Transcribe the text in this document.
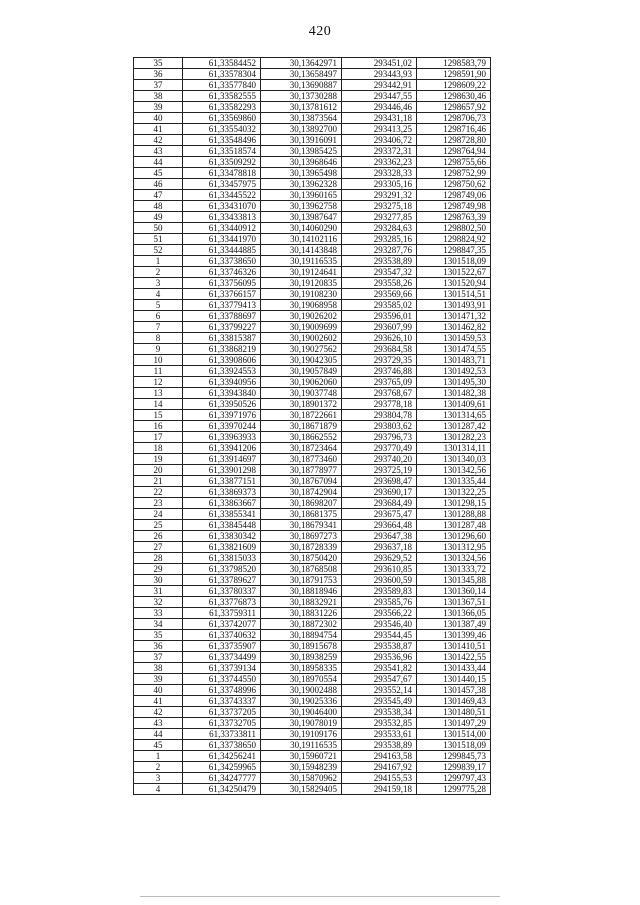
420
35	61,33584452	30,13642971	293451,02	1298583,79
36	61,33578304	30,13658497	293443,93	1298591,90
37	61,33577840	30,13690887	293442,91	1298609,22
38	61,33582555	30,13730288	293447,55	1298630,46
39	61,33582293	30,13781612	293446,46	1298657,92
40	61,33569860	30,13873564	293431,18	1298706,73
41	61,33554032	30,13892700	293413,25	1298716,46
42	61,33548496	30,13916091	293406,72	1298728,80
43	61,33518574	30,13985425	293372,31	1298764,94
44	61,33509292	30,13968646	293362,23	1298755,66
45	61,33478818	30,13965498	293328,33	1298752,99
46	61,33457975	30,13962328	293305,16	1298750,62
47	61,33445522	30,13960165	293291,32	1298749,06
48	61,33431070	30,13962758	293275,18	1298749,98
49	61,33433813	30,13987647	293277,85	1298763,39
50	61,33440912	30,14060290	293284,63	1298802,50
51	61,33441970	30,14102116	293285,16	1298824,92
52	61,33444885	30,14143848	293287,76	1298847,35
1	61,33738650	30,19116535	293538,89	1301518,09
2	61,33746326	30,19124641	293547,32	1301522,67
3	61,33756095	30,19120835	293558,26	1301520,94
4	61,33766157	30,19108230	293569,66	1301514,51
5	61,33779413	30,19068958	293585,02	1301493,91
6	61,33788697	30,19026202	293596,01	1301471,32
7	61,33799227	30,19009699	293607,99	1301462,82
8	61,33815387	30,19002602	293626,10	1301459,53
9	61,33868219	30,19027562	293684,58	1301474,55
10	61,33908606	30,19042305	293729,35	1301483,71
11	61,33924553	30,19057849	293746,88	1301492,53
12	61,33940956	30,19062060	293765,09	1301495,30
13	61,33943840	30,19037748	293768,67	1301482,38
14	61,33950526	30,18901372	293778,18	1301409,61
15	61,33971976	30,18722661	293804,78	1301314,65
16	61,33970244	30,18671879	293803,62	1301287,42
17	61,33963933	30,18662552	293796,73	1301282,23
18	61,33941206	30,18723464	293770,49	1301314,11
19	61,33914697	30,18773460	293740,20	1301340,03
20	61,33901298	30,18778977	293725,19	1301342,56
21	61,33877151	30,18767094	293698,47	1301335,44
22	61,33869373	30,18742904	293690,17	1301322,25
23	61,33863667	30,18698207	293684,49	1301298,15
24	61,33855341	30,18681375	293675,47	1301288,88
25	61,33845448	30,18679341	293664,48	1301287,48
26	61,33830342	30,18697273	293647,38	1301296,60
27	61,33821609	30,18728339	293637,18	1301312,95
28	61,33815033	30,18750420	293629,52	1301324,56
29	61,33798520	30,18768508	293610,85	1301333,72
30	61,33789627	30,18791753	293600,59	1301345,88
31	61,33780337	30,18818946	293589,83	1301360,14
32	61,33776873	30,18832921	293585,76	1301367,51
33	61,33759311	30,18831226	293566,22	1301366,05
34	61,33742077	30,18872302	293546,40	1301387,49
35	61,33740632	30,18894754	293544,45	1301399,46
36	61,33735907	30,18915678	293538,87	1301410,51
37	61,33734499	30,18938259	293536,96	1301422,55
38	61,33739134	30,18958335	293541,82	1301433,44
39	61,33744550	30,18970554	293547,67	1301440,15
40	61,33748996	30,19002488	293552,14	1301457,38
41	61,33743337	30,19025336	293545,49	1301469,43
42	61,33737205	30,19046400	293538,34	1301480,51
43	61,33732705	30,19078019	293532,85	1301497,29
44	61,33733811	30,19109176	293533,61	1301514,00
45	61,33738650	30,19116535	293538,89	1301518,09
1	61,34256241	30,15960721	294163,58	1299845,73
2	61,34259965	30,15948239	294167,92	1299839,17
3	61,34247777	30,15870962	294155,53	1299797,43
4	61,34250479	30,15829405	294159,18	1299775,28
